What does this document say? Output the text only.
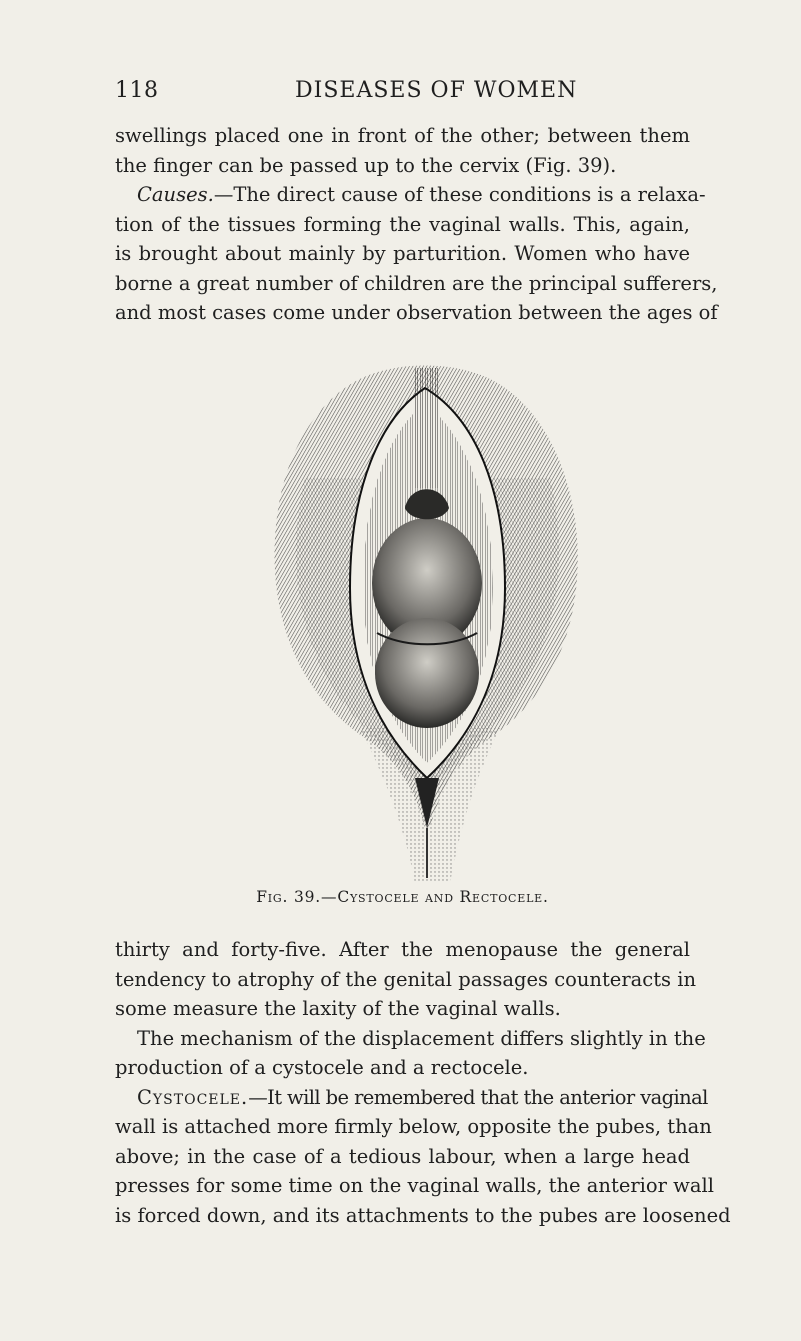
118	DISEASES OF WOMEN
swellings placed one in front of the other; between them
the finger can be passed up to the cervix (Fig. 39).
Causes.—The direct cause of these conditions is a relaxa-
tion of the tissues forming the vaginal walls. This, again,
is brought about mainly by parturition. Women who have
borne a great number of children are the principal sufferers,
and most cases come under observation between the ages of
Fig. 39.—Cystocele and Rectocele.
thirty and forty-five. After the menopause the general
tendency to atrophy of the genital passages counteracts in
some measure the laxity of the vaginal walls.
The mechanism of the displacement differs slightly in the
production of a cystocele and a rectocele.
Cystocele.—It will be remembered that the anterior vaginal
wall is attached more firmly below, opposite the pubes, than
above; in the case of a tedious labour, when a large head
presses for some time on the vaginal walls, the anterior wall
is forced down, and its attachments to the pubes are loosened
